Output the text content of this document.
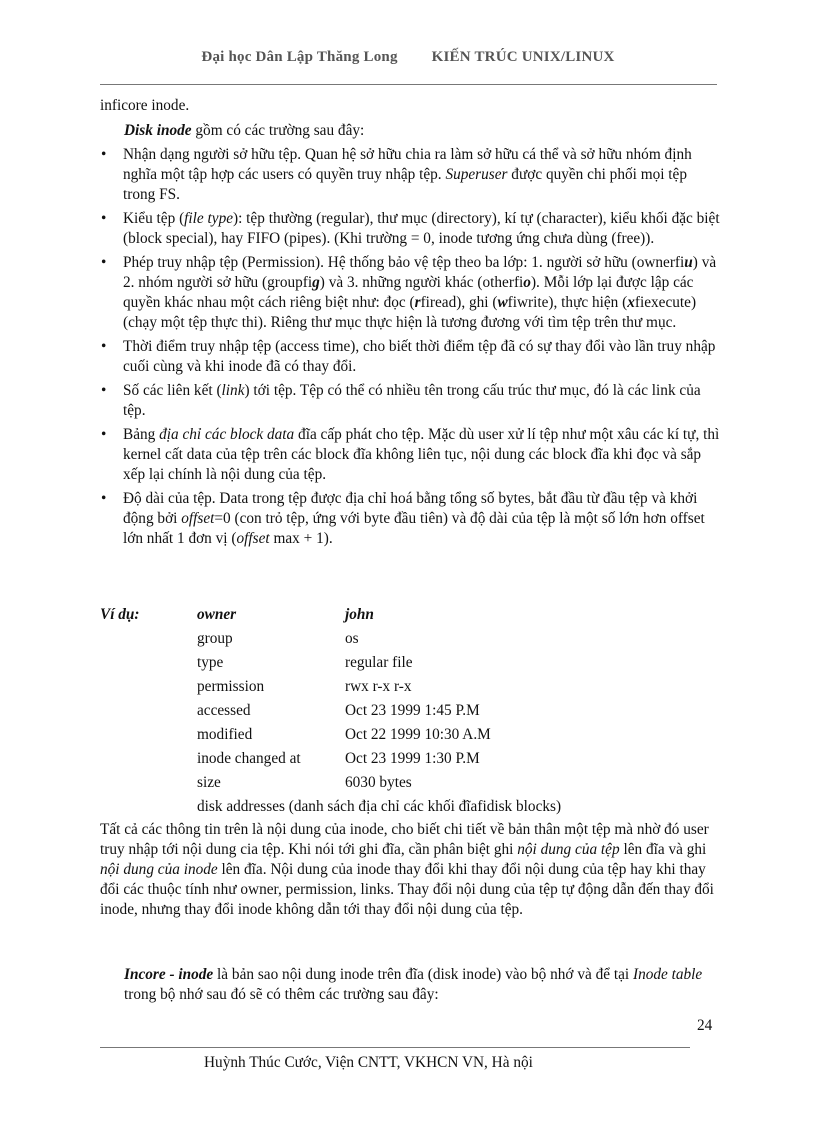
Đại học Dân Lập Thăng Long KIẾN TRÚC UNIX/LINUX
inficore inode.
Disk inode gồm có các trường sau đây:
• Nhận dạng người sở hữu tệp. Quan hệ sở hữu chia ra làm sở hữu cá thể và sở hữu nhóm định nghĩa một tập hợp các users có quyền truy nhập tệp. Superuser được quyền chi phối mọi tệp trong FS.
• Kiểu tệp (file type): tệp thường (regular), thư mục (directory), kí tự (character), kiểu khối đặc biệt (block special), hay FIFO (pipes). (Khi trường = 0, inode tương ứng chưa dùng (free)).
• Phép truy nhập tệp (Permission). Hệ thống bảo vệ tệp theo ba lớp: 1. người sở hữu (ownerfiu) và 2. nhóm người sở hữu (groupfig) và 3. những người khác (otherfio). Mỗi lớp lại được lập các quyền khác nhau một cách riêng biệt như: đọc (rfiread), ghi (wfiwrite), thực hiện (xfiexecute) (chạy một tệp thực thi). Riêng thư mục thực hiện là tương đương với tìm tệp trên thư mục.
• Thời điểm truy nhập tệp (access time), cho biết thời điểm tệp đã có sự thay đổi vào lần truy nhập cuối cùng và khi inode đã có thay đổi.
• Số các liên kết (link) tới tệp. Tệp có thể có nhiều tên trong cấu trúc thư mục, đó là các link của tệp.
• Bảng địa chỉ các block data đĩa cấp phát cho tệp. Mặc dù user xử lí tệp như một xâu các kí tự, thì kernel cất data của tệp trên các block đĩa không liên tục, nội dung các block đĩa khi đọc và sắp xếp lại chính là nội dung của tệp.
• Độ dài của tệp. Data trong tệp được địa chỉ hoá bằng tổng số bytes, bắt đầu từ đầu tệp và khởi động bởi offset=0 (con trỏ tệp, ứng với byte đầu tiên) và độ dài của tệp là một số lớn hơn offset lớn nhất 1 đơn vị (offset max + 1).
Ví dụ:	owner	john
group	os
type	regular file
permission	rwx r-x r-x
accessed	Oct 23 1999 1:45 P.M
modified	Oct 22 1999 10:30 A.M
inode changed at	Oct 23 1999 1:30 P.M
size	6030 bytes
disk addresses (danh sách địa chỉ các khối đĩafidisk blocks)
Tất cả các thông tin trên là nội dung của inode, cho biết chi tiết về bản thân một tệp mà nhờ đó user truy nhập tới nội dung cia tệp. Khi nói tới ghi đĩa, cần phân biệt ghi nội dung của tệp lên đĩa và ghi nội dung của inode lên đĩa. Nội dung của inode thay đổi khi thay đổi nội dung của tệp hay khi thay đổi các thuộc tính như owner, permission, links. Thay đổi nội dung của tệp tự động dẫn đến thay đổi inode, nhưng thay đổi inode không dẫn tới thay đổi nội dung của tệp.
Incore - inode là bản sao nội dung inode trên đĩa (disk inode) vào bộ nhớ và để tại Inode table trong bộ nhớ sau đó sẽ có thêm các trường sau đây:
24
Huỳnh Thúc Cước, Viện CNTT, VKHCN VN, Hà nội
